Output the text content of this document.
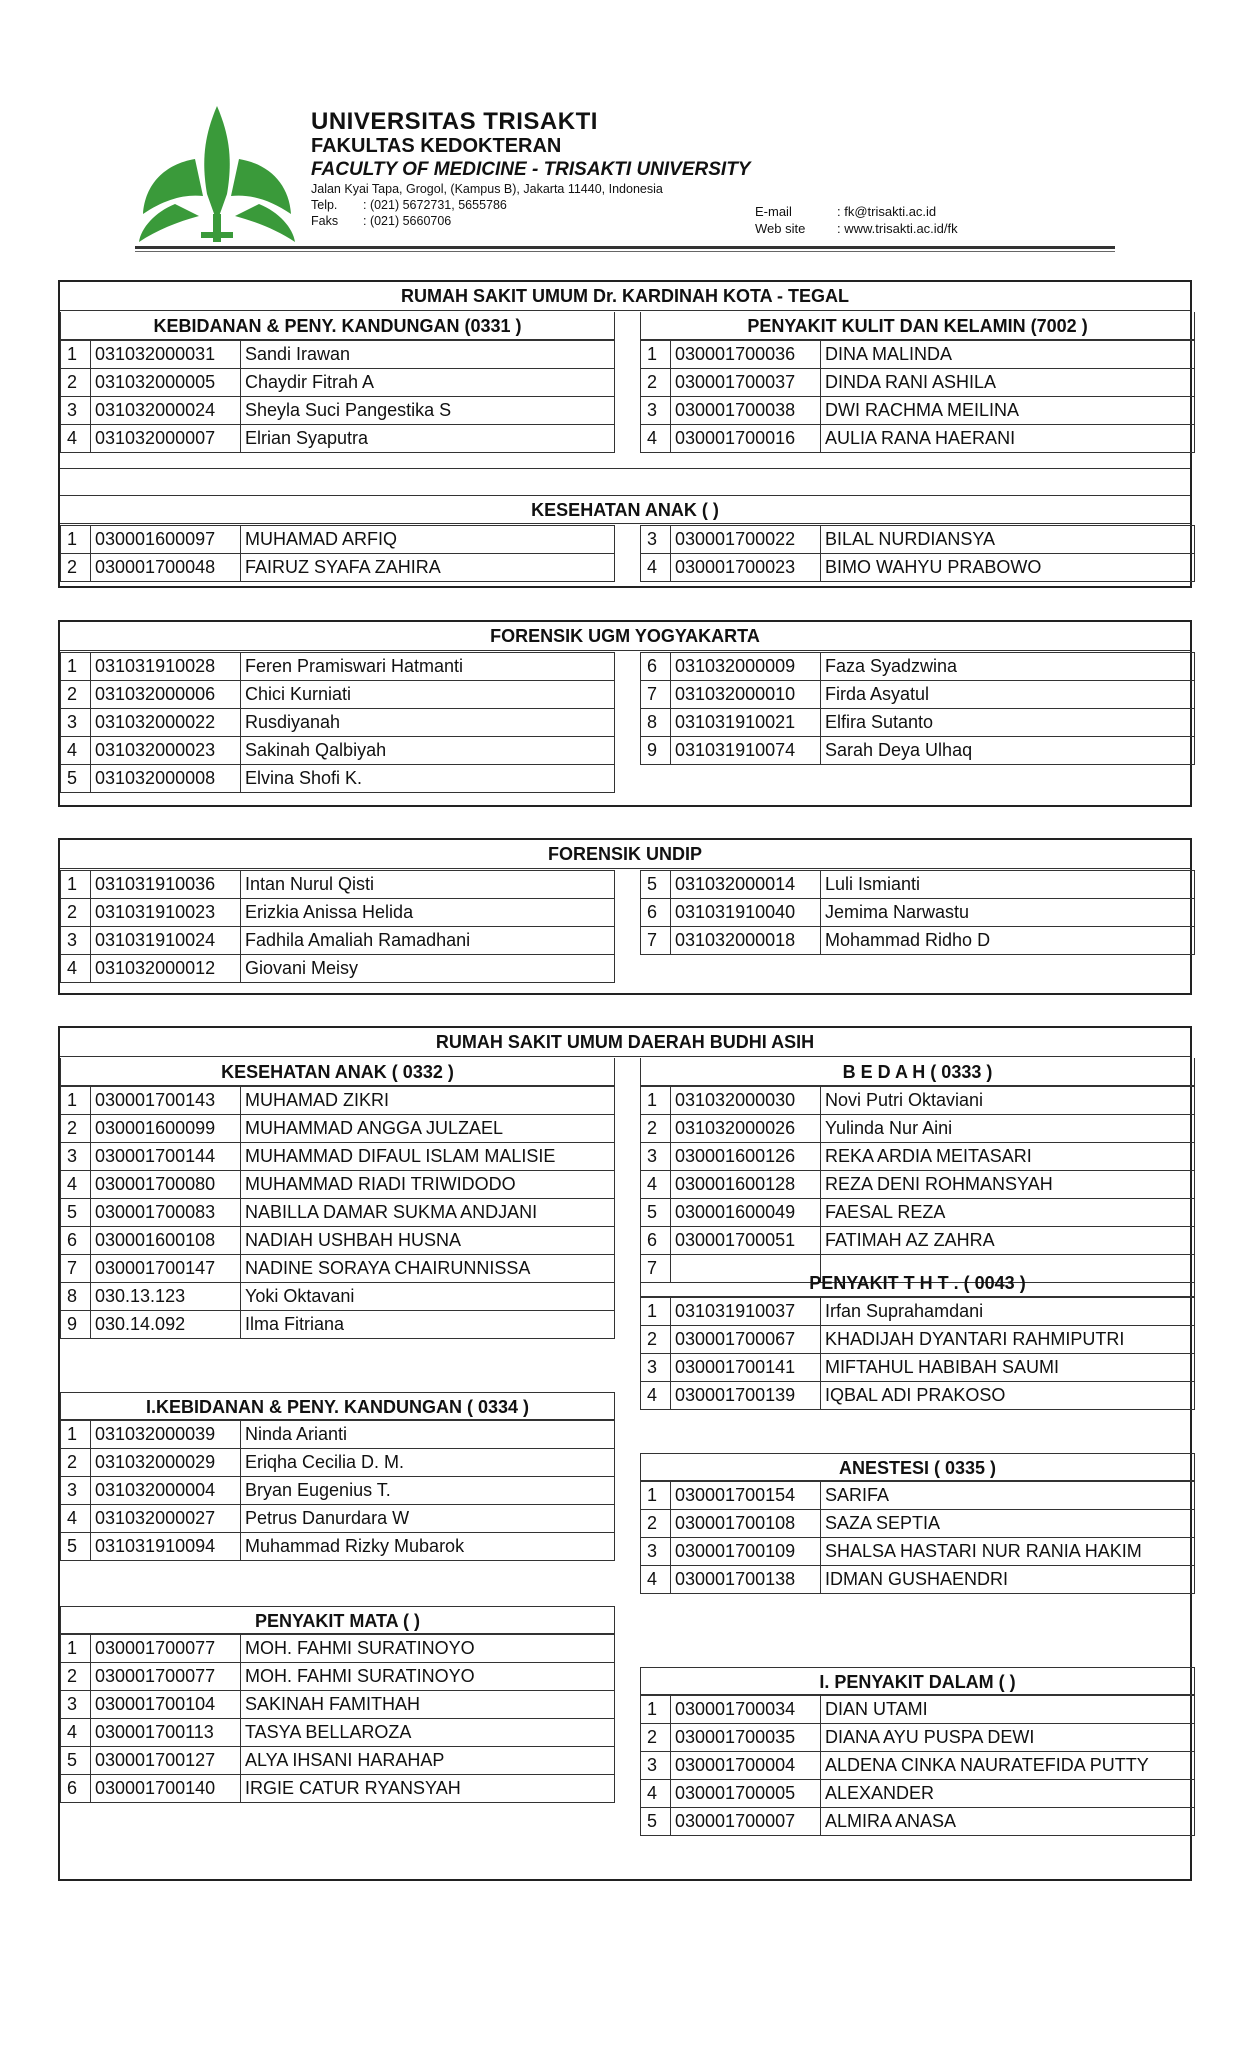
UNIVERSITAS TRISAKTI
FAKULTAS KEDOKTERAN
FACULTY OF MEDICINE - TRISAKTI UNIVERSITY
Jalan Kyai Tapa, Grogol, (Kampus B), Jakarta 11440, Indonesia
Telp.	: (021) 5672731, 5655786
Faks	: (021) 5660706
E-mail	: fk@trisakti.ac.id
Web site	: www.trisakti.ac.id/fk
RUMAH SAKIT UMUM Dr. KARDINAH KOTA - TEGAL
KEBIDANAN & PENY. KANDUNGAN (0331 )
1	031032000031	Sandi Irawan
2	031032000005	Chaydir Fitrah A
3	031032000024	Sheyla Suci Pangestika S
4	031032000007	Elrian Syaputra
PENYAKIT KULIT DAN KELAMIN (7002 )
1	030001700036	DINA MALINDA
2	030001700037	DINDA RANI ASHILA
3	030001700038	DWI RACHMA MEILINA
4	030001700016	AULIA RANA HAERANI
KESEHATAN ANAK ( )
1	030001600097	MUHAMAD ARFIQ
2	030001700048	FAIRUZ SYAFA ZAHIRA
3	030001700022	BILAL NURDIANSYA
4	030001700023	BIMO WAHYU PRABOWO
FORENSIK UGM YOGYAKARTA
1	031031910028	Feren Pramiswari Hatmanti
2	031032000006	Chici Kurniati
3	031032000022	Rusdiyanah
4	031032000023	Sakinah Qalbiyah
5	031032000008	Elvina Shofi K.
6	031032000009	Faza Syadzwina
7	031032000010	Firda Asyatul
8	031031910021	Elfira Sutanto
9	031031910074	Sarah Deya Ulhaq
FORENSIK UNDIP
1	031031910036	Intan Nurul Qisti
2	031031910023	Erizkia Anissa Helida
3	031031910024	Fadhila Amaliah Ramadhani
4	031032000012	Giovani Meisy
5	031032000014	Luli Ismianti
6	031031910040	Jemima Narwastu
7	031032000018	Mohammad Ridho D
RUMAH SAKIT UMUM DAERAH BUDHI ASIH
KESEHATAN ANAK ( 0332 )
1	030001700143	MUHAMAD ZIKRI
2	030001600099	MUHAMMAD ANGGA JULZAEL
3	030001700144	MUHAMMAD DIFAUL ISLAM MALISIE
4	030001700080	MUHAMMAD RIADI TRIWIDODO
5	030001700083	NABILLA DAMAR SUKMA ANDJANI
6	030001600108	NADIAH USHBAH HUSNA
7	030001700147	NADINE SORAYA CHAIRUNNISSA
8	030.13.123	Yoki Oktavani
9	030.14.092	Ilma Fitriana
I.KEBIDANAN & PENY. KANDUNGAN ( 0334 )
1	031032000039	Ninda Arianti
2	031032000029	Eriqha Cecilia D. M.
3	031032000004	Bryan Eugenius T.
4	031032000027	Petrus Danurdara W
5	031031910094	Muhammad Rizky Mubarok
PENYAKIT MATA ( )
1	030001700077	MOH. FAHMI SURATINOYO
2	030001700077	MOH. FAHMI SURATINOYO
3	030001700104	SAKINAH FAMITHAH
4	030001700113	TASYA BELLAROZA
5	030001700127	ALYA IHSANI HARAHAP
6	030001700140	IRGIE CATUR RYANSYAH
B E D A H ( 0333 )
1	031032000030	Novi Putri Oktaviani
2	031032000026	Yulinda Nur Aini
3	030001600126	REKA ARDIA MEITASARI
4	030001600128	REZA DENI ROHMANSYAH
5	030001600049	FAESAL REZA
6	030001700051	FATIMAH AZ ZAHRA
7		
PENYAKIT T H T . ( 0043 )
1	031031910037	Irfan Suprahamdani
2	030001700067	KHADIJAH DYANTARI RAHMIPUTRI
3	030001700141	MIFTAHUL HABIBAH SAUMI
4	030001700139	IQBAL ADI PRAKOSO
ANESTESI ( 0335 )
1	030001700154	SARIFA
2	030001700108	SAZA SEPTIA
3	030001700109	SHALSA HASTARI NUR RANIA HAKIM
4	030001700138	IDMAN GUSHAENDRI
I. PENYAKIT DALAM ( )
1	030001700034	DIAN UTAMI
2	030001700035	DIANA AYU PUSPA DEWI
3	030001700004	ALDENA CINKA NAURATEFIDA PUTTY
4	030001700005	ALEXANDER
5	030001700007	ALMIRA ANASA
